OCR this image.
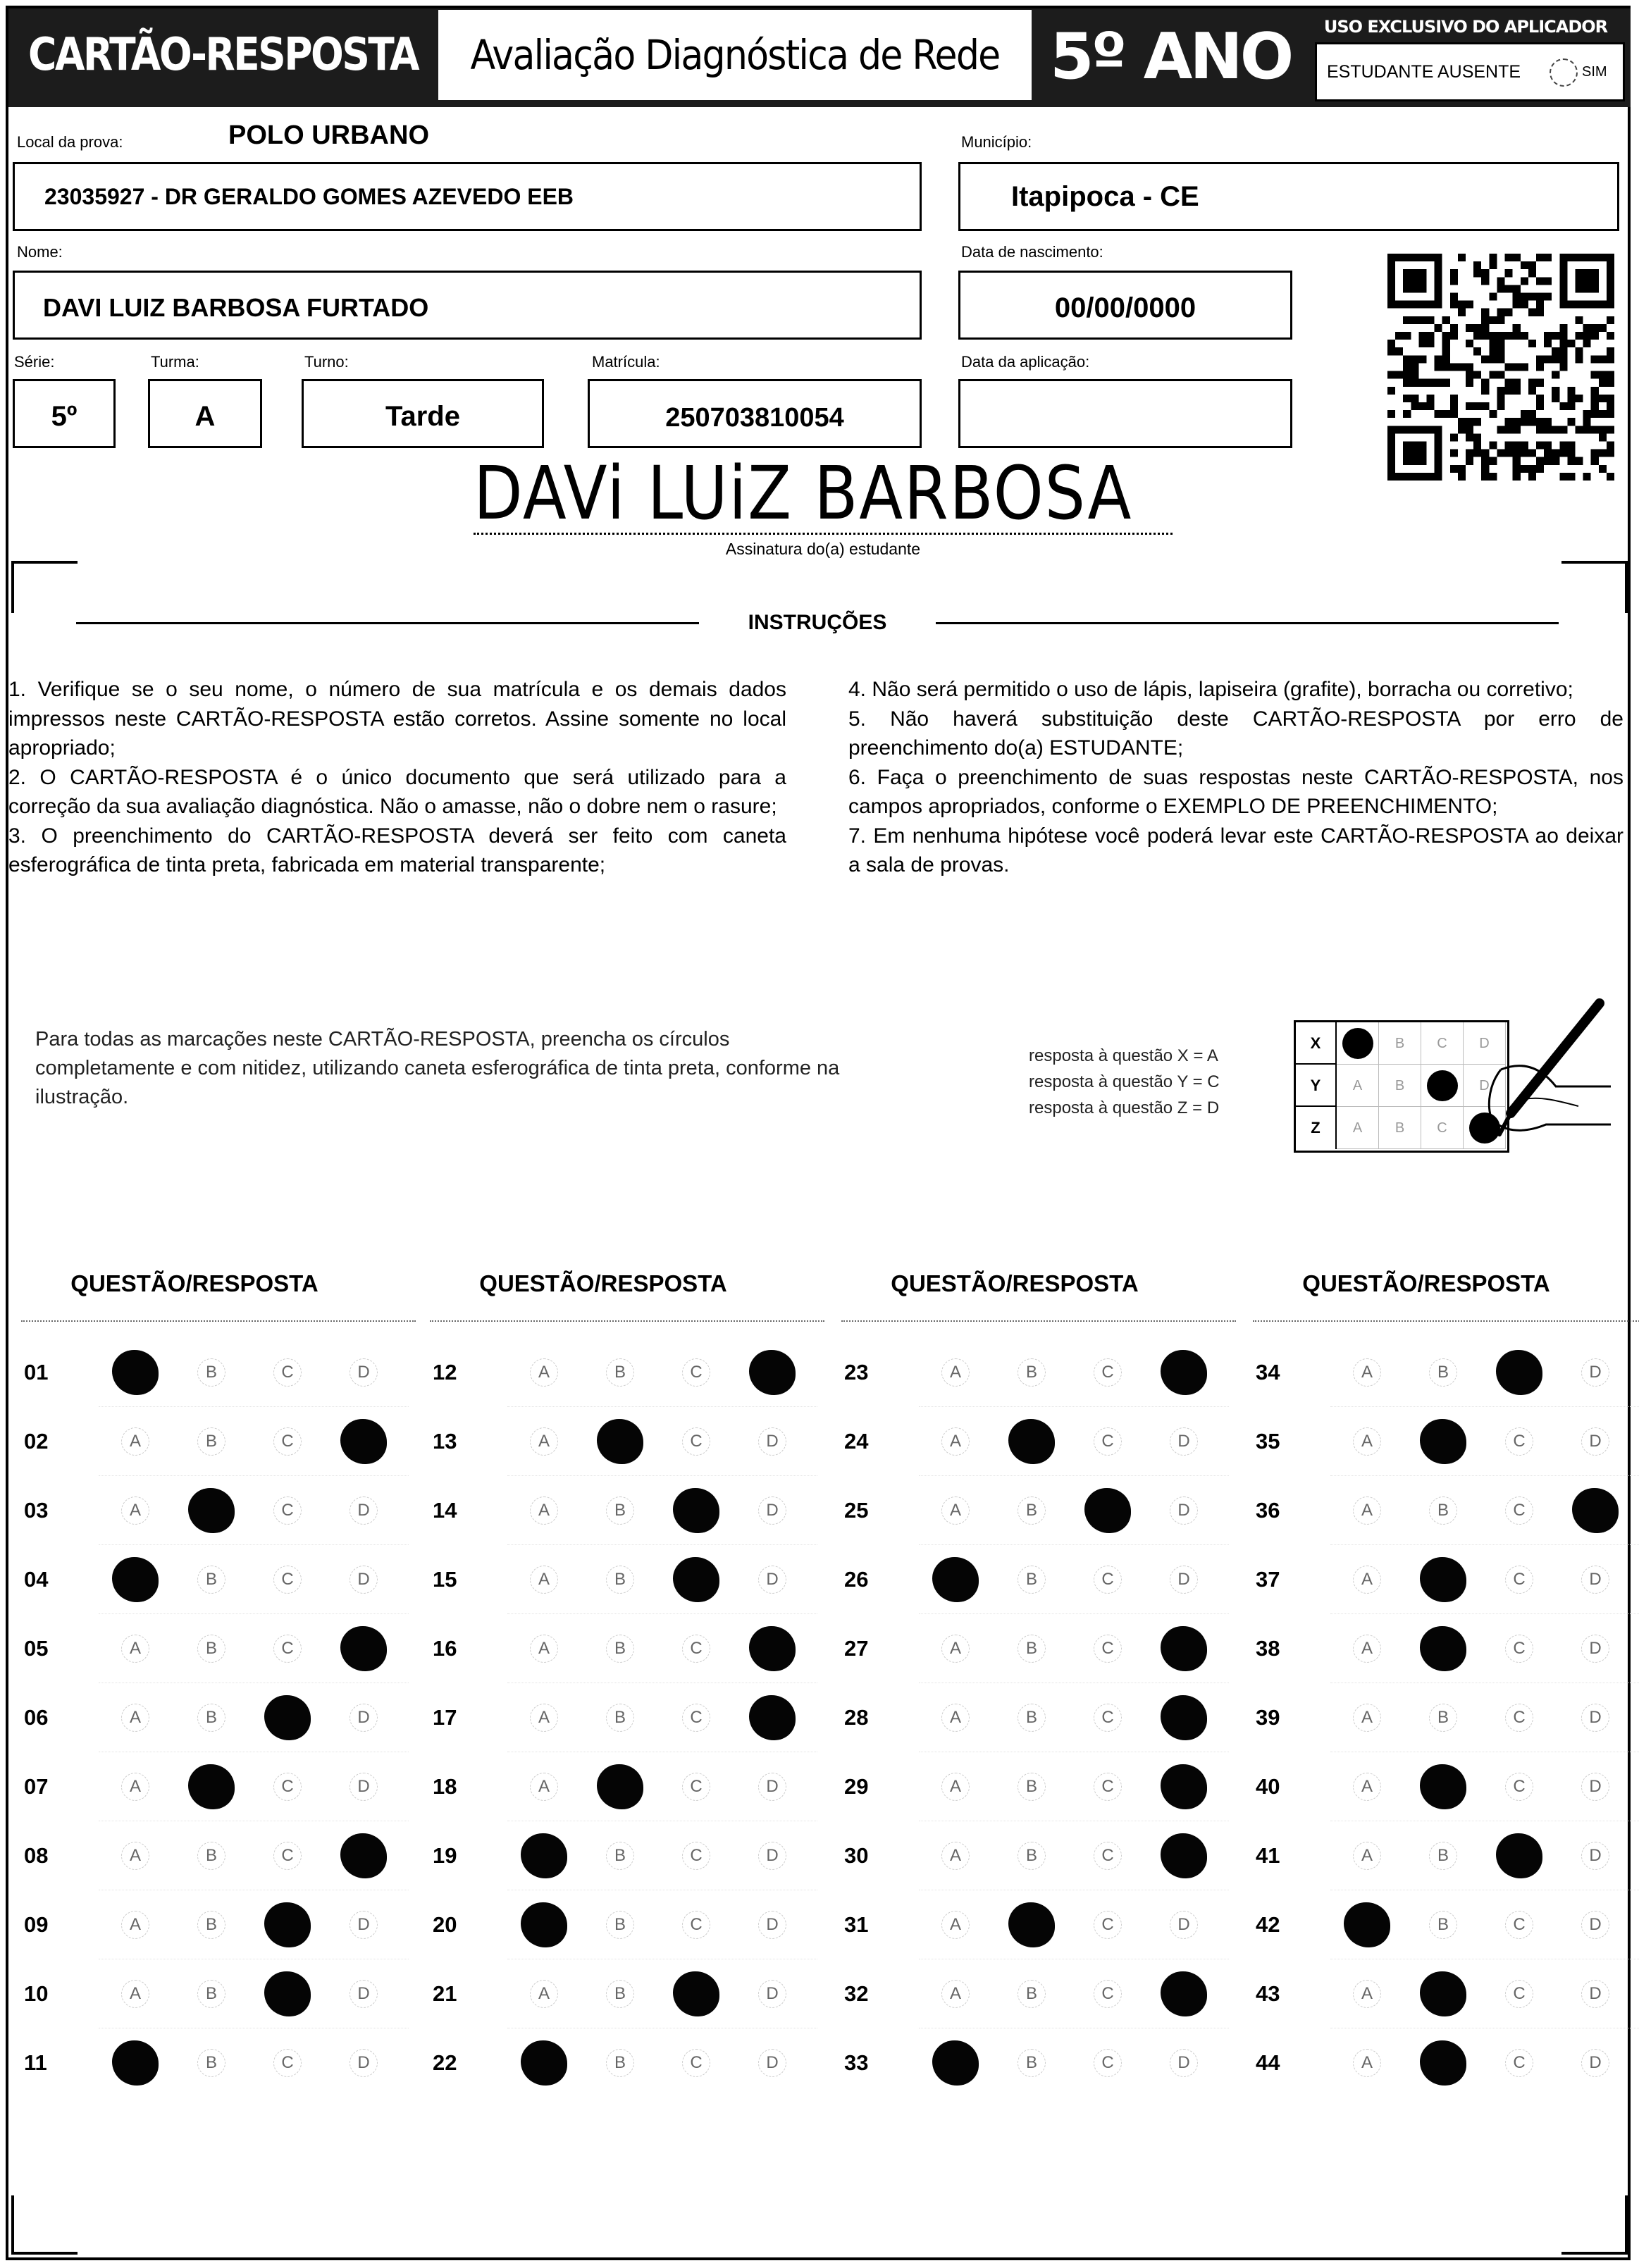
CARTÃO-RESPOSTA Avaliação Diagnóstica de Rede 5º ANO	USO EXCLUSIVO DO APLICADOR
ESTUDANTE AUSENTE	SIM
Local da prova:	POLO URBANO
23035927 - DR GERALDO GOMES AZEVEDO EEB
Município:
Itapipoca - CE
Nome:
DAVI LUIZ BARBOSA FURTADO
Data de nascimento:
00/00/0000
Série:
5º
Turma:
A
Turno:
Tarde
Matrícula:
250703810054
Data da aplicação:
DAVi LUiZ BARBOSA
Assinatura do(a) estudante
INSTRUÇÕES

1. Verifique se o seu nome, o número de sua matrícula e os demais dados impressos neste CARTÃO-RESPOSTA estão corretos. Assine somente no local apropriado;

2. O CARTÃO-RESPOSTA é o único documento que será utilizado para a correção da sua avaliação diagnóstica. Não o amasse, não o dobre nem o rasure;

3. O preenchimento do CARTÃO-RESPOSTA deverá ser feito com caneta esferográfica de tinta preta, fabricada em material transparente;

4. Não será permitido o uso de lápis, lapiseira (grafite), borracha ou corretivo;

5. Não haverá substituição deste CARTÃO-RESPOSTA por erro de preenchimento do(a) ESTUDANTE;

6. Faça o preenchimento de suas respostas neste CARTÃO-RESPOSTA, nos campos apropriados, conforme o EXEMPLO DE PREENCHIMENTO;

7. Em nenhuma hipótese você poderá levar este CARTÃO-RESPOSTA ao deixar a sala de provas.

Para todas as marcações neste CARTÃO-RESPOSTA, preencha os círculos completamente e com nitidez, utilizando caneta esferográfica de tinta preta, conforme na ilustração.
resposta à questão X = A
resposta à questão Y = C
resposta à questão Z = D
X	B	C	D
Y	A	B	D
Z	A	B	C
QUESTÃO/RESPOSTA
01	B	C	D
02	A	B	C
03	A	C	D
04	B	C	D
05	A	B	C
06	A	B	D
07	A	C	D
08	A	B	C
09	A	B	D
10	A	B	D
11	B	C	D
QUESTÃO/RESPOSTA
12	A	B	C
13	A	C	D
14	A	B	D
15	A	B	D
16	A	B	C
17	A	B	C
18	A	C	D
19	B	C	D
20	B	C	D
21	A	B	D
22	B	C	D
QUESTÃO/RESPOSTA
23	A	B	C
24	A	C	D
25	A	B	D
26	B	C	D
27	A	B	C
28	A	B	C
29	A	B	C
30	A	B	C
31	A	C	D
32	A	B	C
33	B	C	D
QUESTÃO/RESPOSTA
34	A	B	D
35	A	C	D
36	A	B	C
37	A	C	D
38	A	C	D
39	A	B	C	D
40	A	C	D
41	A	B	D
42	B	C	D
43	A	C	D
44	A	C	D
